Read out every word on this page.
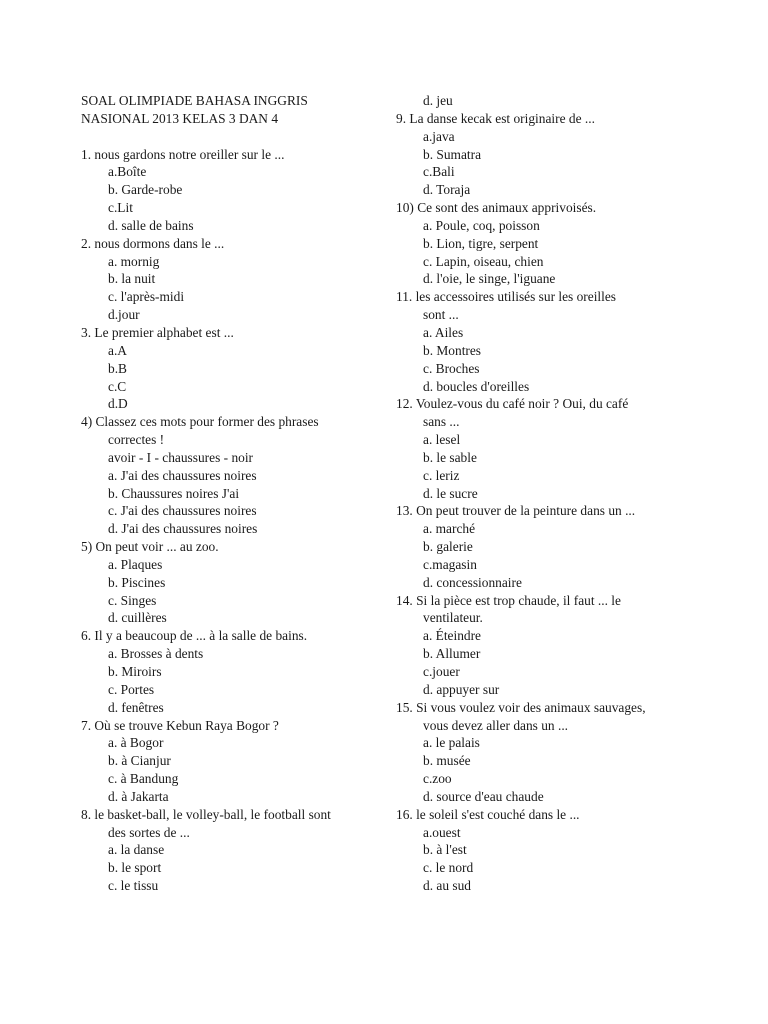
SOAL OLIMPIADE BAHASA INGGRIS
NASIONAL 2013 KELAS 3 DAN 4
1. nous gardons notre oreiller sur le ...
a.Boîte
b. Garde-robe
c.Lit
d. salle de bains
2. nous dormons dans le ...
a. mornig
b. la nuit
c. l'après-midi
d.jour
3. Le premier alphabet est ...
a.A
b.B
c.C
d.D
4) Classez ces mots pour former des phrases
correctes !
avoir - I - chaussures - noir
a. J'ai des chaussures noires
b. Chaussures noires J'ai
c. J'ai des chaussures noires
d. J'ai des chaussures noires
5) On peut voir ... au zoo.
a. Plaques
b. Piscines
c. Singes
d. cuillères
6. Il y a beaucoup de ... à la salle de bains.
a. Brosses à dents
b. Miroirs
c. Portes
d. fenêtres
7. Où se trouve Kebun Raya Bogor ?
a. à Bogor
b. à Cianjur
c. à Bandung
d. à Jakarta
8. le basket-ball, le volley-ball, le football sont
des sortes de ...
a. la danse
b. le sport
c. le tissu
d. jeu
9. La danse kecak est originaire de ...
a.java
b. Sumatra
c.Bali
d. Toraja
10) Ce sont des animaux apprivoisés.
a. Poule, coq, poisson
b. Lion, tigre, serpent
c. Lapin, oiseau, chien
d. l'oie, le singe, l'iguane
11. les accessoires utilisés sur les oreilles
sont ...
a. Ailes
b. Montres
c. Broches
d. boucles d'oreilles
12. Voulez-vous du café noir ? Oui, du café
sans ...
a. lesel
b. le sable
c. leriz
d. le sucre
13. On peut trouver de la peinture dans un ...
a. marché
b. galerie
c.magasin
d. concessionnaire
14. Si la pièce est trop chaude, il faut ... le
ventilateur.
a. Éteindre
b. Allumer
c.jouer
d. appuyer sur
15. Si vous voulez voir des animaux sauvages,
vous devez aller dans un ...
a. le palais
b. musée
c.zoo
d. source d'eau chaude
16. le soleil s'est couché dans le ...
a.ouest
b. à l'est
c. le nord
d. au sud
